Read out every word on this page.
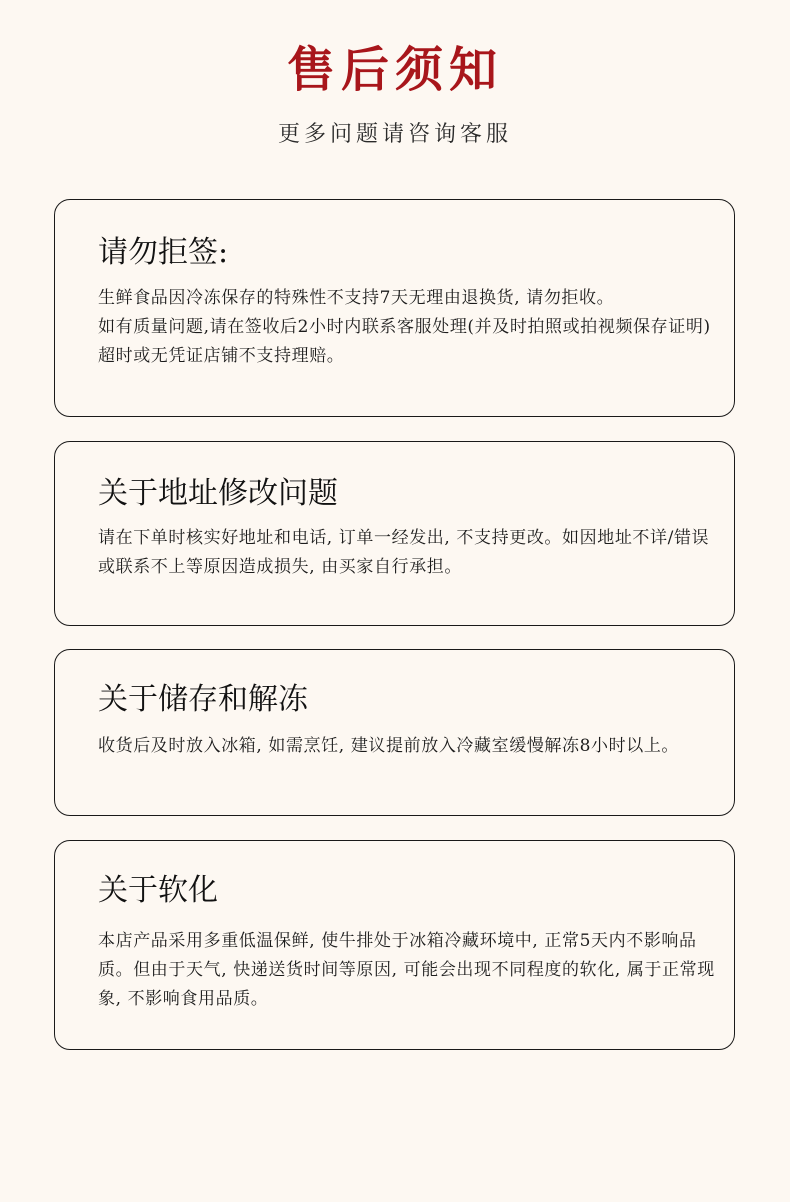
售后须知
更多问题请咨询客服
请勿拒签:

生鲜食品因冷冻保存的特殊性不支持7天无理由退换货, 请勿拒收。

如有质量问题,请在签收后2小时内联系客服处理(并及时拍照或拍视频保存证明)超时或无凭证店铺不支持理赔。

关于地址修改问题

请在下单时核实好地址和电话, 订单一经发出, 不支持更改。如因地址不详/错误或联系不上等原因造成损失, 由买家自行承担。

关于储存和解冻

收货后及时放入冰箱, 如需烹饪, 建议提前放入冷藏室缓慢解冻8小时以上。

关于软化

本店产品采用多重低温保鲜, 使牛排处于冰箱冷藏环境中, 正常5天内不影响品质。但由于天气, 快递送货时间等原因, 可能会出现不同程度的软化, 属于正常现象, 不影响食用品质。
